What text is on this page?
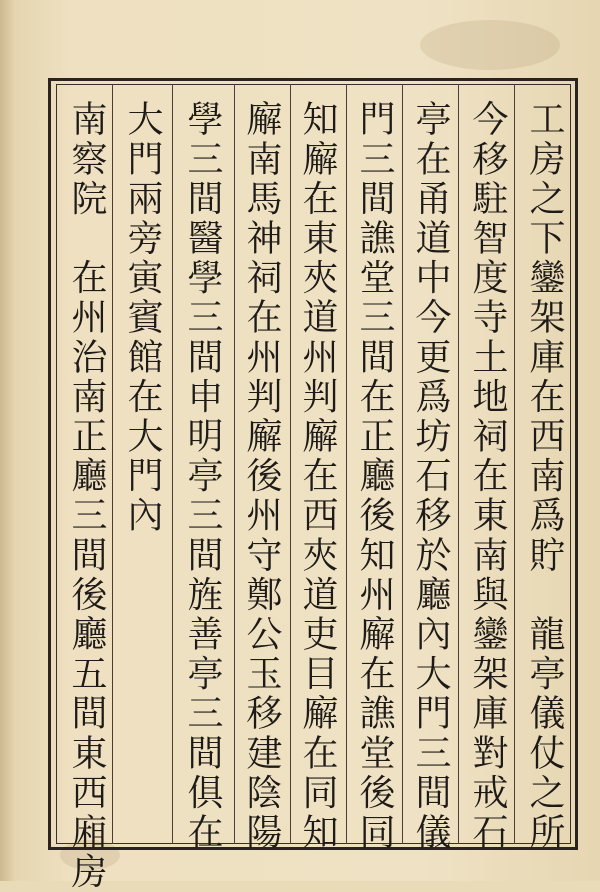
工房之下鑾架庫在西南爲貯　龍亭儀仗之所
今移駐智度寺土地祠在東南與鑾架庫對戒石
亭在甬道中今更爲坊石移於廳內大門三間儀
門三間譙堂三間在正廳後知州廨在譙堂後同
知廨在東夾道州判廨在西夾道吏目廨在同知
廨南馬神祠在州判廨後州守鄭公玉移建陰陽
學三間醫學三間申明亭三間旌善亭三間俱在
大門兩旁寅賓館在大門內
南察院　在州治南正廳三間後廳五間東西廂房
